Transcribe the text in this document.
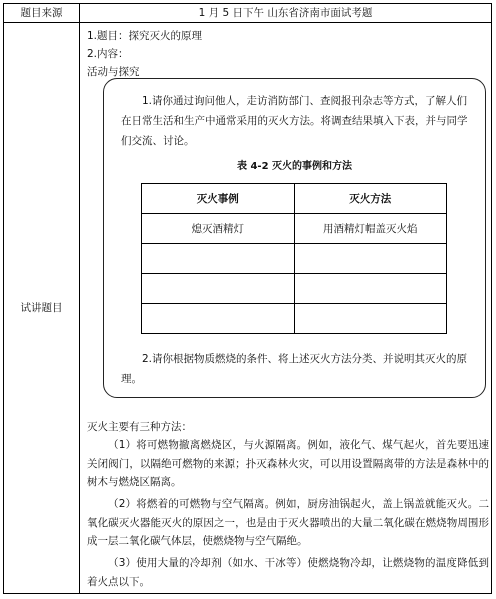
题目来源	1 月 5 日下午 山东省济南市面试考题
试讲题目
1.题目：探究灭火的原理
2.内容：
活动与探究
1.请你通过询问他人，走访消防部门、查阅报刊杂志等方式，了解人们在日常生活和生产中通常采用的灭火方法。将调查结果填入下表，并与同学们交流、讨论。
表 4-2 灭火的事例和方法
灭火事例	灭火方法
熄灭酒精灯	用酒精灯帽盖灭火焰

2.请你根据物质燃烧的条件、将上述灭火方法分类、并说明其灭火的原理。
灭火主要有三种方法：
（1）将可燃物撤离燃烧区，与火源隔离。例如，液化气、煤气起火，首先要迅速关闭阀门，以隔绝可燃物的来源；扑灭森林火灾，可以用设置隔离带的方法是森林中的树木与燃烧区隔离。
（2）将燃着的可燃物与空气隔离。例如，厨房油锅起火，盖上锅盖就能灭火。二氧化碳灭火器能灭火的原因之一，也是由于灭火器喷出的大量二氧化碳在燃烧物周围形成一层二氧化碳气体层，使燃烧物与空气隔绝。
（3）使用大量的冷却剂（如水、干冰等）使燃烧物冷却，让燃烧物的温度降低到着火点以下。
